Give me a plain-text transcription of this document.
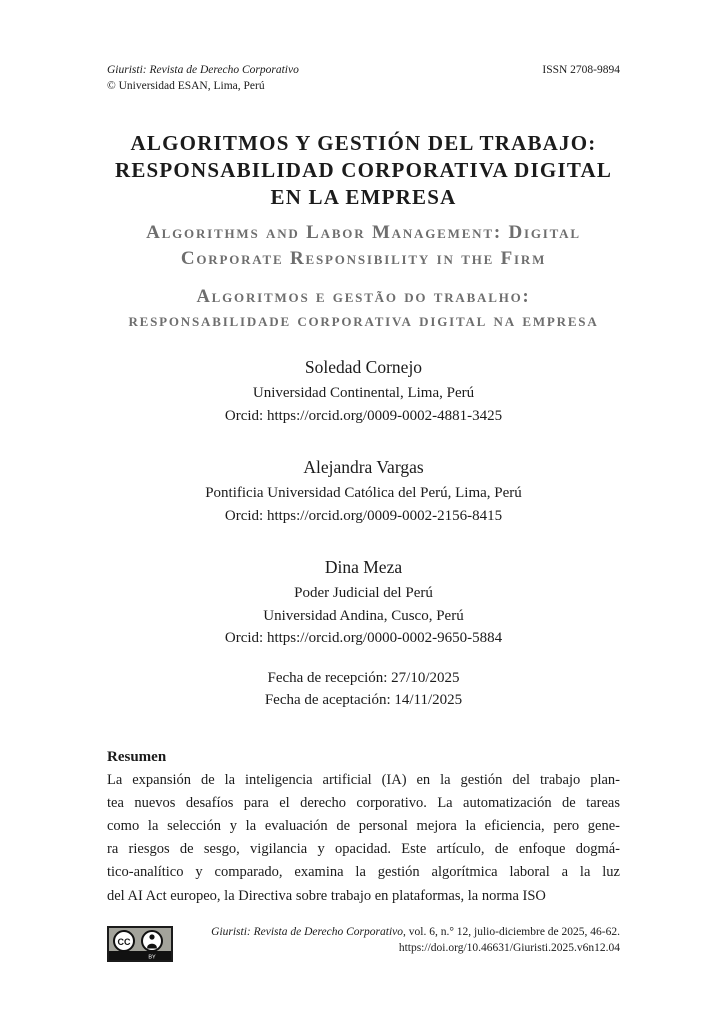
Giuristi: Revista de Derecho Corporativo
© Universidad ESAN, Lima, Perú
ISSN 2708-9894
ALGORITMOS Y GESTIÓN DEL TRABAJO:
RESPONSABILIDAD CORPORATIVA DIGITAL
EN LA EMPRESA
Algorithms and Labor Management: Digital
Corporate Responsibility in the Firm
Algoritmos e gestão do trabalho:
responsabilidade corporativa digital na empresa
Soledad Cornejo
Universidad Continental, Lima, Perú
Orcid: https://orcid.org/0009-0002-4881-3425
Alejandra Vargas
Pontificia Universidad Católica del Perú, Lima, Perú
Orcid: https://orcid.org/0009-0002-2156-8415
Dina Meza
Poder Judicial del Perú
Universidad Andina, Cusco, Perú
Orcid: https://orcid.org/0000-0002-9650-5884
Fecha de recepción: 27/10/2025
Fecha de aceptación: 14/11/2025
Resumen
La expansión de la inteligencia artificial (IA) en la gestión del trabajo plan-
tea nuevos desafíos para el derecho corporativo. La automatización de tareas
como la selección y la evaluación de personal mejora la eficiencia, pero gene-
ra riesgos de sesgo, vigilancia y opacidad. Este artículo, de enfoque dogmá-
tico-analítico y comparado, examina la gestión algorítmica laboral a la luz
del AI Act europeo, la Directiva sobre trabajo en plataformas, la norma ISO
CC
BY
Giuristi: Revista de Derecho Corporativo, vol. 6, n.° 12, julio-diciembre de 2025, 46-62.
https://doi.org/10.46631/Giuristi.2025.v6n12.04
